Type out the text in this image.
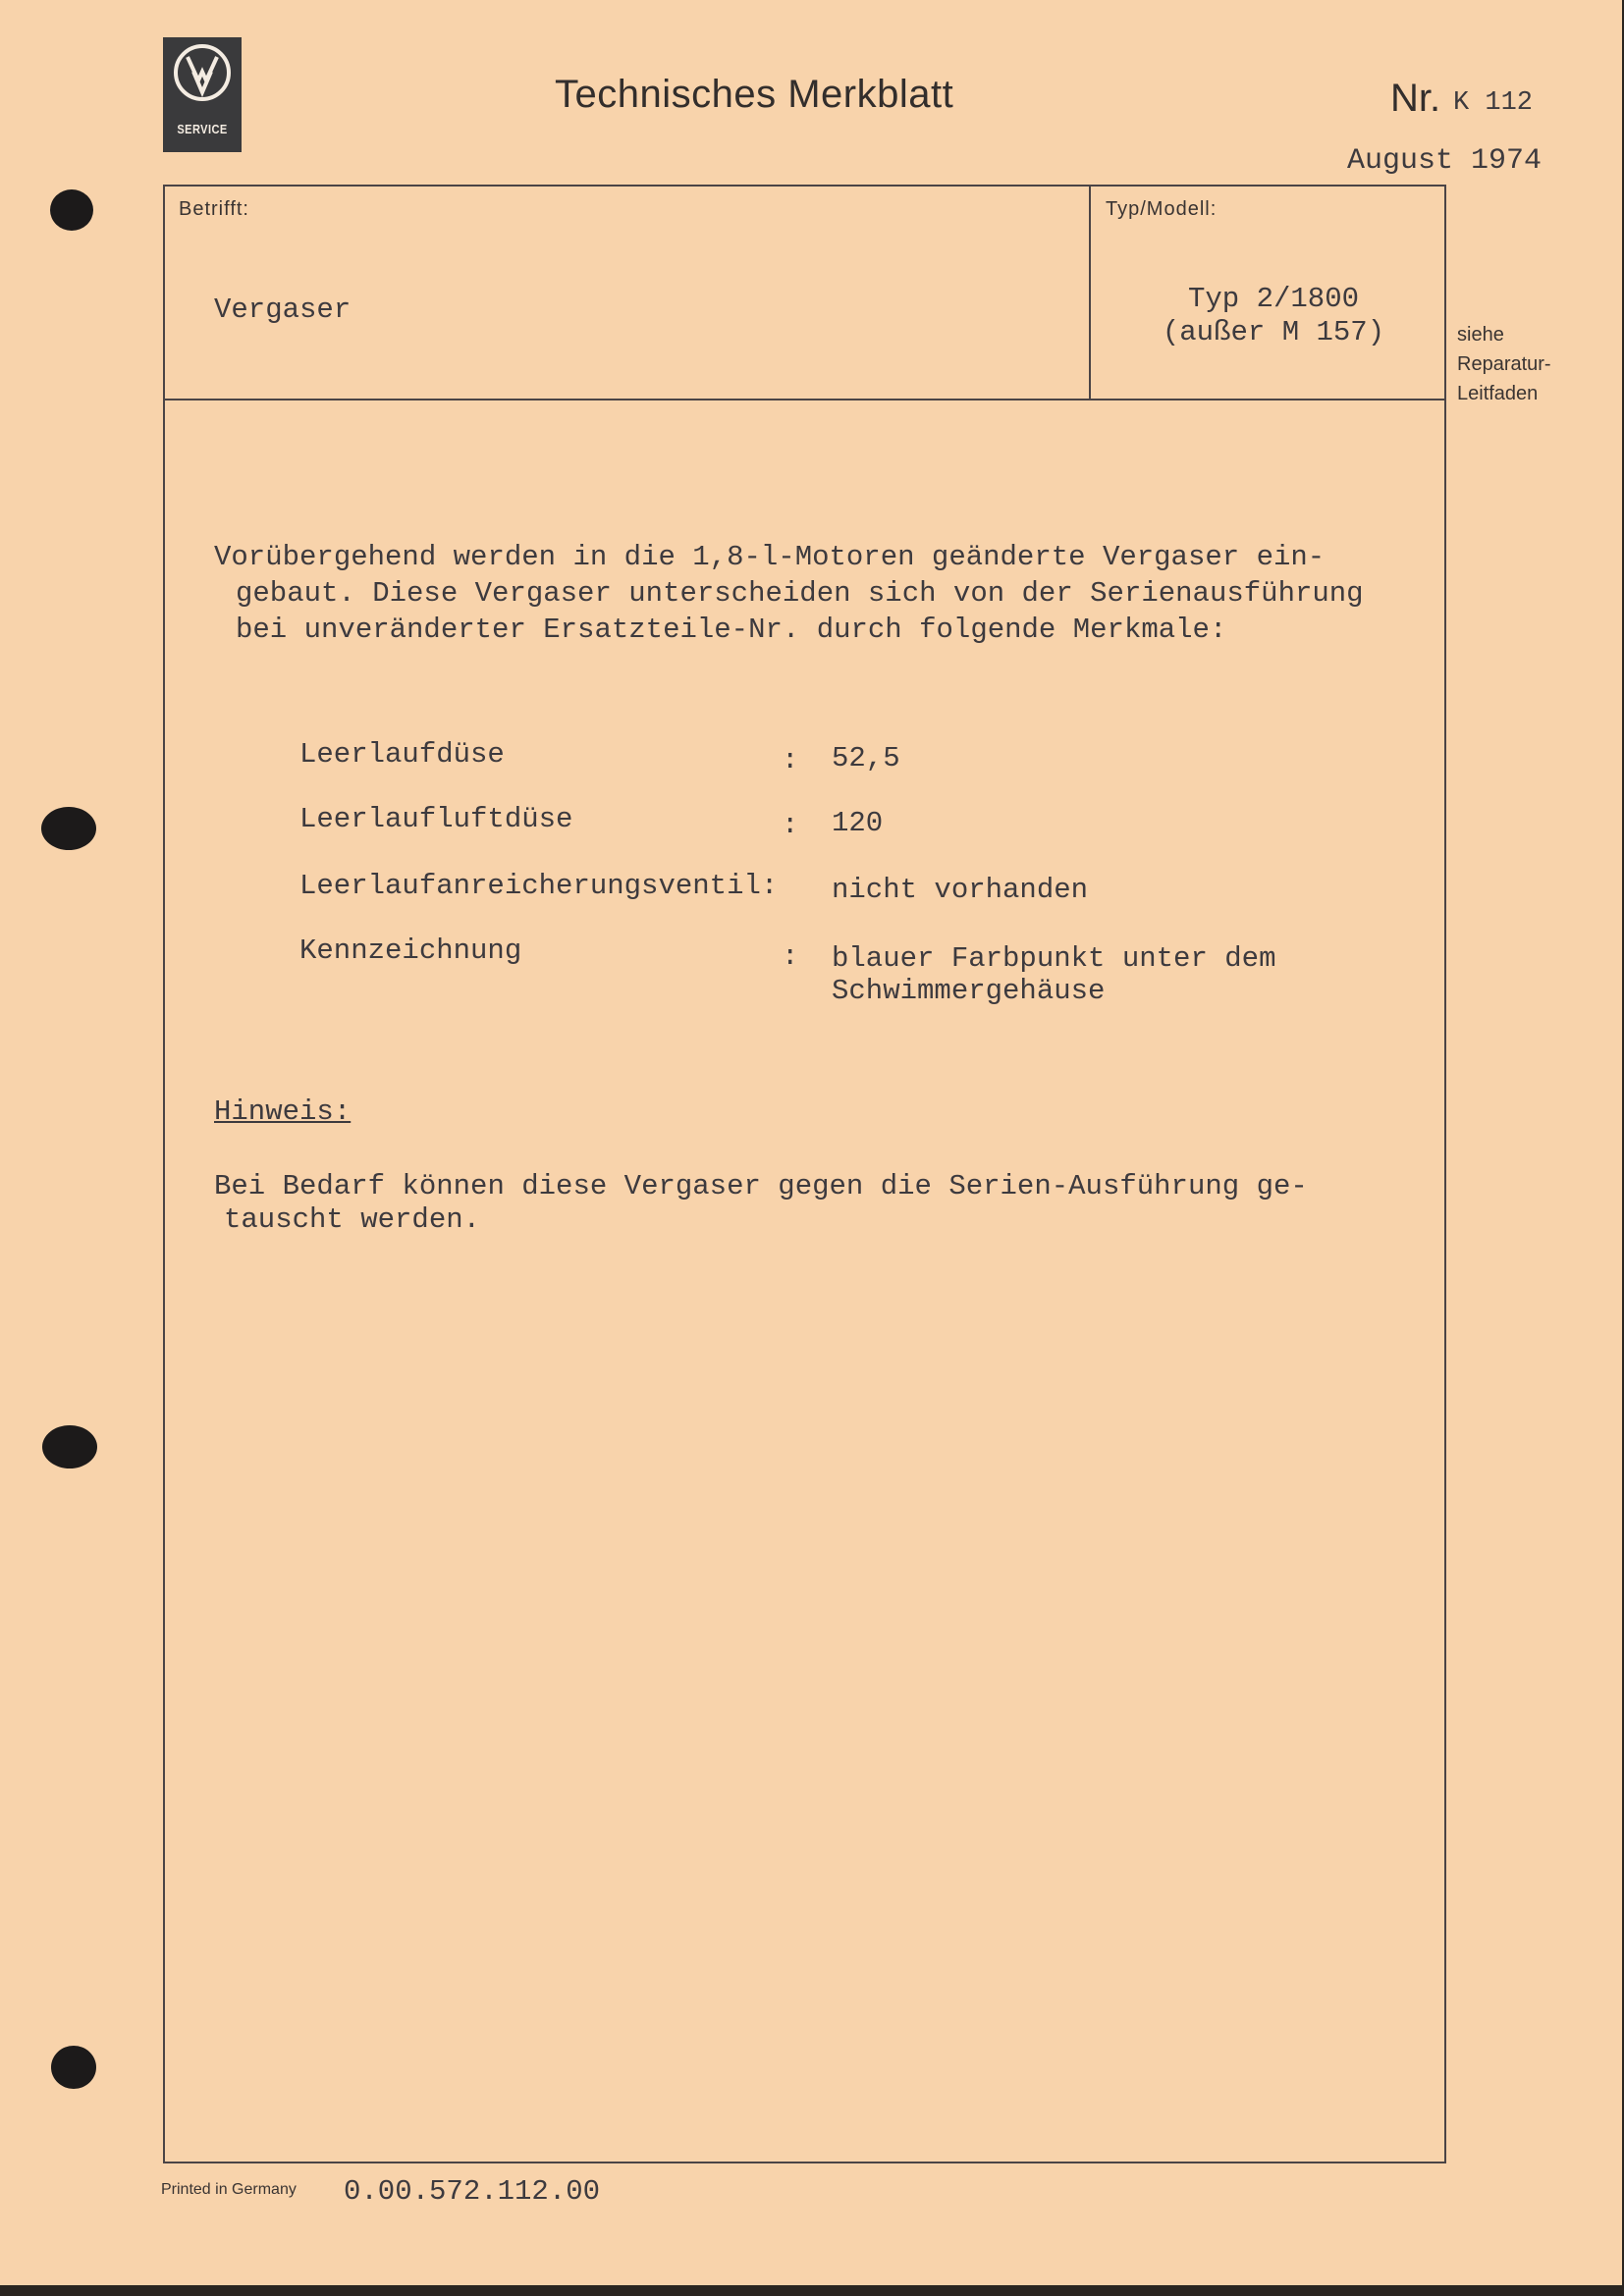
SERVICE
Technisches Merkblatt	Nr. K 112
August 1974
Betrifft:
Vergaser
Typ/Modell:
Typ 2/1800
(außer M 157)	siehe
Reparatur-
Leitfaden
Vorübergehend werden in die 1,8-l-Motoren geänderte Vergaser ein-
gebaut. Diese Vergaser unterscheiden sich von der Serienausführung
bei unveränderter Ersatzteile-Nr. durch folgende Merkmale:
Leerlaufdüse	: 52,5
Leerlaufluftdüse	: 120
Leerlaufanreicherungsventil: nicht vorhanden
Kennzeichnung	: blauer Farbpunkt unter dem
Schwimmergehäuse
Hinweis:
Bei Bedarf können diese Vergaser gegen die Serien-Ausführung ge-
tauscht werden.
Printed in Germany 0.00.572.112.00
